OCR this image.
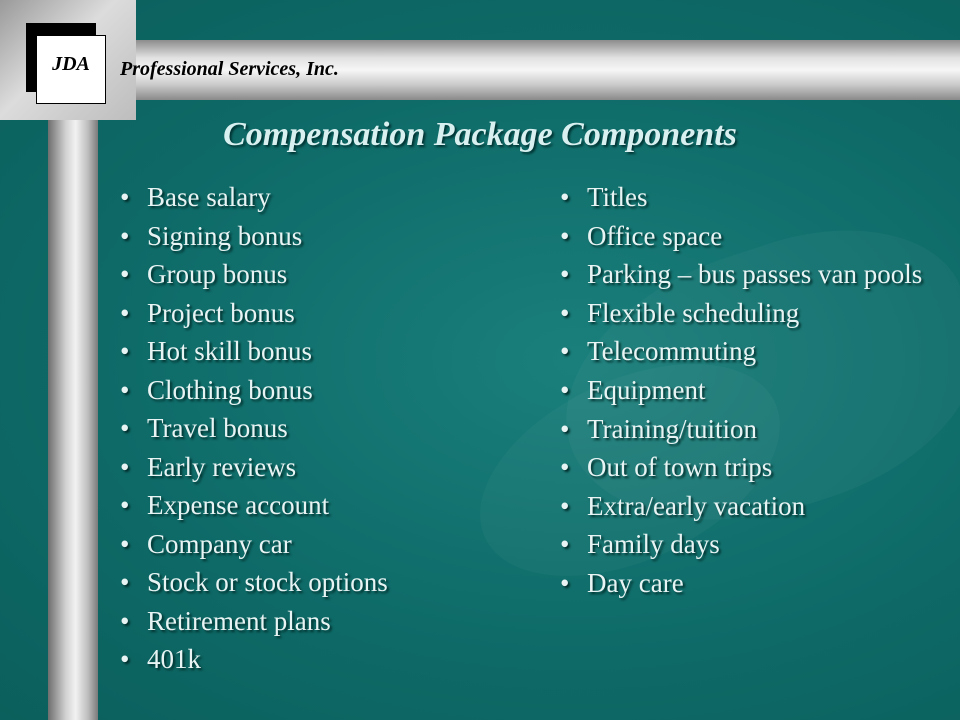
JDA Professional Services, Inc.
Compensation Package Components
• Base salary
• Signing bonus
• Group bonus
• Project bonus
• Hot skill bonus
• Clothing bonus
• Travel bonus
• Early reviews
• Expense account
• Company car
• Stock or stock options
• Retirement plans
• 401k
• Titles
• Office space
• Parking – bus passes van pools
• Flexible scheduling
• Telecommuting
• Equipment
• Training/tuition
• Out of town trips
• Extra/early vacation
• Family days
• Day care
